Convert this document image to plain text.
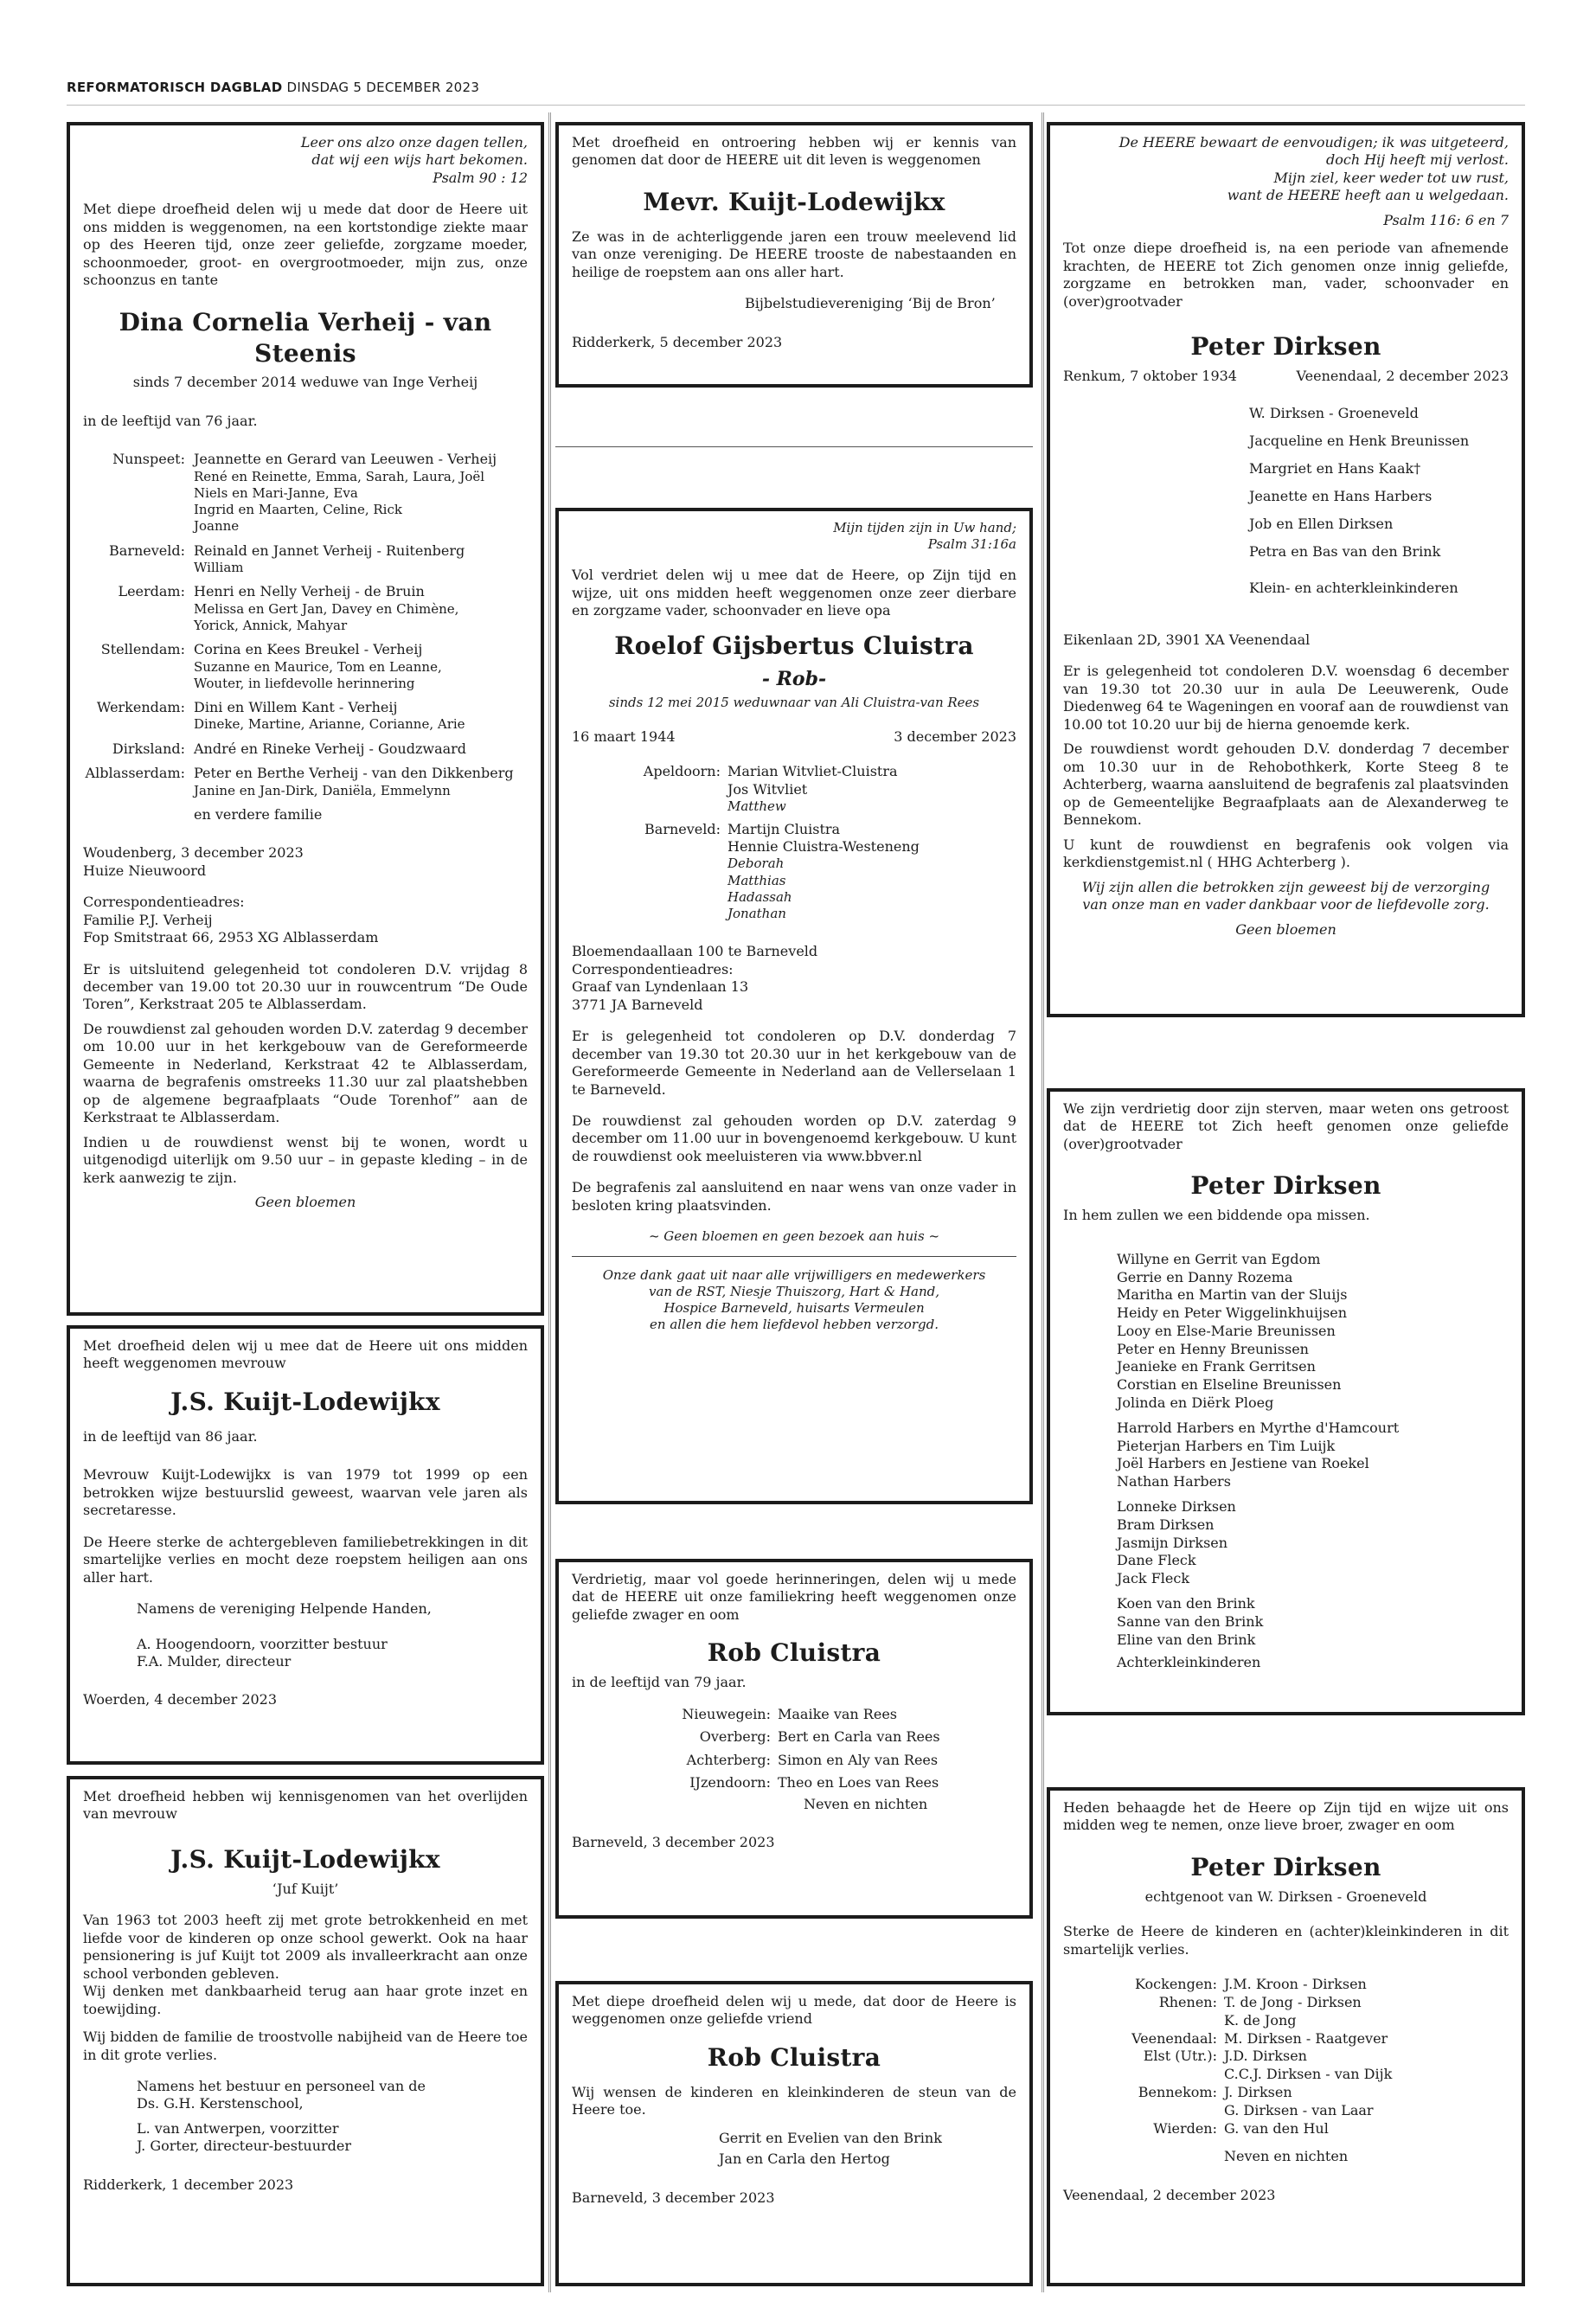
REFORMATORISCH DAGBLAD DINSDAG 5 DECEMBER 2023
Leer ons alzo onze dagen tellen,
dat wij een wijs hart bekomen.
Psalm 90 : 12
Met diepe droefheid delen wij u mede dat door de Heere uit ons midden is weggenomen, na een kortstondige ziekte maar op des Heeren tijd, onze zeer geliefde, zorgzame moeder, schoonmoeder, groot- en overgrootmoeder, mijn zus, onze schoonzus en tante
Dina Cornelia Verheij - van Steenis
sinds 7 december 2014 weduwe van Inge Verheij
in de leeftijd van 76 jaar.
Nunspeet: Jeannette en Gerard van Leeuwen - Verheij
René en Reinette, Emma, Sarah, Laura, Joël
Niels en Mari-Janne, Eva
Ingrid en Maarten, Celine, Rick
Joanne
Barneveld: Reinald en Jannet Verheij - Ruitenberg
William
Leerdam: Henri en Nelly Verheij - de Bruin
Melissa en Gert Jan, Davey en Chimène,
Yorick, Annick, Mahyar
Stellendam: Corina en Kees Breukel - Verheij
Suzanne en Maurice, Tom en Leanne,
Wouter, in liefdevolle herinnering
Werkendam: Dini en Willem Kant - Verheij
Dineke, Martine, Arianne, Corianne, Arie
Dirksland: André en Rineke Verheij - Goudzwaard
Alblasserdam: Peter en Berthe Verheij - van den Dikkenberg
Janine en Jan-Dirk, Daniëla, Emmelynn
en verdere familie
Woudenberg, 3 december 2023
Huize Nieuwoord
Correspondentieadres:
Familie P.J. Verheij
Fop Smitstraat 66, 2953 XG Alblasserdam
Er is uitsluitend gelegenheid tot condoleren D.V. vrijdag 8 december van 19.00 tot 20.30 uur in rouwcentrum “De Oude Toren”, Kerkstraat 205 te Alblasserdam.
De rouwdienst zal gehouden worden D.V. zaterdag 9 december om 10.00 uur in het kerkgebouw van de Gereformeerde Gemeente in Nederland, Kerkstraat 42 te Alblasserdam, waarna de begrafenis omstreeks 11.30 uur zal plaatshebben op de algemene begraafplaats “Oude Torenhof” aan de Kerkstraat te Alblasserdam.
Indien u de rouwdienst wenst bij te wonen, wordt u uitgenodigd uiterlijk om 9.50 uur – in gepaste kleding – in de kerk aanwezig te zijn.
Geen bloemen
Met droefheid delen wij u mee dat de Heere uit ons midden heeft weggenomen mevrouw
J.S. Kuijt-Lodewijkx
in de leeftijd van 86 jaar.
Mevrouw Kuijt-Lodewijkx is van 1979 tot 1999 op een betrokken wijze bestuurslid geweest, waarvan vele jaren als secretaresse.
De Heere sterke de achtergebleven familiebetrekkingen in dit smartelijke verlies en mocht deze roepstem heiligen aan ons aller hart.
Namens de vereniging Helpende Handen,
A. Hoogendoorn, voorzitter bestuur
F.A. Mulder, directeur
Woerden, 4 december 2023
Met droefheid hebben wij kennisgenomen van het overlijden van mevrouw
J.S. Kuijt-Lodewijkx
‘Juf Kuijt’
Van 1963 tot 2003 heeft zij met grote betrokkenheid en met liefde voor de kinderen op onze school gewerkt. Ook na haar pensionering is juf Kuijt tot 2009 als invalleerkracht aan onze school verbonden gebleven.
Wij denken met dankbaarheid terug aan haar grote inzet en toewijding.
Wij bidden de familie de troostvolle nabijheid van de Heere toe in dit grote verlies.
Namens het bestuur en personeel van de
Ds. G.H. Kerstenschool,
L. van Antwerpen, voorzitter
J. Gorter, directeur-bestuurder
Ridderkerk, 1 december 2023
Met droefheid en ontroering hebben wij er kennis van genomen dat door de HEERE uit dit leven is weggenomen
Mevr. Kuijt-Lodewijkx
Ze was in de achterliggende jaren een trouw meelevend lid van onze vereniging. De HEERE trooste de nabestaanden en heilige de roepstem aan ons aller hart.
Bijbelstudievereniging ‘Bij de Bron’
Ridderkerk, 5 december 2023
Mijn tijden zijn in Uw hand;
Psalm 31:16a
Vol verdriet delen wij u mee dat de Heere, op Zijn tijd en wijze, uit ons midden heeft weggenomen onze zeer dierbare en zorgzame vader, schoonvader en lieve opa
Roelof Gijsbertus Cluistra
- Rob-
sinds 12 mei 2015 weduwnaar van Ali Cluistra-van Rees
16 maart 1944	3 december 2023
Apeldoorn: Marian Witvliet-Cluistra
Jos Witvliet
Matthew
Barneveld: Martijn Cluistra
Hennie Cluistra-Westeneng
Deborah
Matthias
Hadassah
Jonathan
Bloemendaallaan 100 te Barneveld
Correspondentieadres:
Graaf van Lyndenlaan 13
3771 JA Barneveld
Er is gelegenheid tot condoleren op D.V. donderdag 7 december van 19.30 tot 20.30 uur in het kerkgebouw van de Gereformeerde Gemeente in Nederland aan de Vellerselaan 1 te Barneveld.
De rouwdienst zal gehouden worden op D.V. zaterdag 9 december om 11.00 uur in bovengenoemd kerkgebouw. U kunt de rouwdienst ook meeluisteren via www.bbver.nl
De begrafenis zal aansluitend en naar wens van onze vader in besloten kring plaatsvinden.
~ Geen bloemen en geen bezoek aan huis ~
Onze dank gaat uit naar alle vrijwilligers en medewerkers
van de RST, Niesje Thuiszorg, Hart & Hand,
Hospice Barneveld, huisarts Vermeulen
en allen die hem liefdevol hebben verzorgd.
Verdrietig, maar vol goede herinneringen, delen wij u mede dat de HEERE uit onze familiekring heeft weggenomen onze geliefde zwager en oom
Rob Cluistra
in de leeftijd van 79 jaar.
Nieuwegein: Maaike van Rees
Overberg: Bert en Carla van Rees
Achterberg: Simon en Aly van Rees
IJzendoorn: Theo en Loes van Rees
Neven en nichten
Barneveld, 3 december 2023
Met diepe droefheid delen wij u mede, dat door de Heere is weggenomen onze geliefde vriend
Rob Cluistra
Wij wensen de kinderen en kleinkinderen de steun van de Heere toe.
Gerrit en Evelien van den Brink
Jan en Carla den Hertog
Barneveld, 3 december 2023
De HEERE bewaart de eenvoudigen; ik was uitgeteerd,
doch Hij heeft mij verlost.
Mijn ziel, keer weder tot uw rust,
want de HEERE heeft aan u welgedaan.
Psalm 116: 6 en 7
Tot onze diepe droefheid is, na een periode van afnemende krachten, de HEERE tot Zich genomen onze innig geliefde, zorgzame en betrokken man, vader, schoonvader en (over)grootvader
Peter Dirksen
Renkum, 7 oktober 1934	Veenendaal, 2 december 2023
W. Dirksen - Groeneveld
Jacqueline en Henk Breunissen
Margriet en Hans Kaak†
Jeanette en Hans Harbers
Job en Ellen Dirksen
Petra en Bas van den Brink
Klein- en achterkleinkinderen
Eikenlaan 2D, 3901 XA Veenendaal
Er is gelegenheid tot condoleren D.V. woensdag 6 december van 19.30 tot 20.30 uur in aula De Leeuwerenk, Oude Diedenweg 64 te Wageningen en vooraf aan de rouwdienst van 10.00 tot 10.20 uur bij de hierna genoemde kerk.
De rouwdienst wordt gehouden D.V. donderdag 7 december om 10.30 uur in de Rehobothkerk, Korte Steeg 8 te Achterberg, waarna aansluitend de begrafenis zal plaatsvinden op de Gemeentelijke Begraafplaats aan de Alexanderweg te Bennekom.
U kunt de rouwdienst en begrafenis ook volgen via kerkdienstgemist.nl ( HHG Achterberg ).
Wij zijn allen die betrokken zijn geweest bij de verzorging
van onze man en vader dankbaar voor de liefdevolle zorg.
Geen bloemen
We zijn verdrietig door zijn sterven, maar weten ons getroost dat de HEERE tot Zich heeft genomen onze geliefde (over)grootvader
Peter Dirksen
In hem zullen we een biddende opa missen.
Willyne en Gerrit van Egdom
Gerrie en Danny Rozema
Maritha en Martin van der Sluijs
Heidy en Peter Wiggelinkhuijsen
Looy en Else-Marie Breunissen
Peter en Henny Breunissen
Jeanieke en Frank Gerritsen
Corstian en Elseline Breunissen
Jolinda en Diërk Ploeg
Harrold Harbers en Myrthe d'Hamcourt
Pieterjan Harbers en Tim Luijk
Joël Harbers en Jestiene van Roekel
Nathan Harbers
Lonneke Dirksen
Bram Dirksen
Jasmijn Dirksen
Dane Fleck
Jack Fleck
Koen van den Brink
Sanne van den Brink
Eline van den Brink
Achterkleinkinderen
Heden behaagde het de Heere op Zijn tijd en wijze uit ons midden weg te nemen, onze lieve broer, zwager en oom
Peter Dirksen
echtgenoot van W. Dirksen - Groeneveld
Sterke de Heere de kinderen en (achter)kleinkinderen in dit smartelijk verlies.
Kockengen: J.M. Kroon - Dirksen
Rhenen: T. de Jong - Dirksen
K. de Jong
Veenendaal: M. Dirksen - Raatgever
Elst (Utr.): J.D. Dirksen
C.C.J. Dirksen - van Dijk
Bennekom: J. Dirksen
G. Dirksen - van Laar
Wierden: G. van den Hul
Neven en nichten
Veenendaal, 2 december 2023
